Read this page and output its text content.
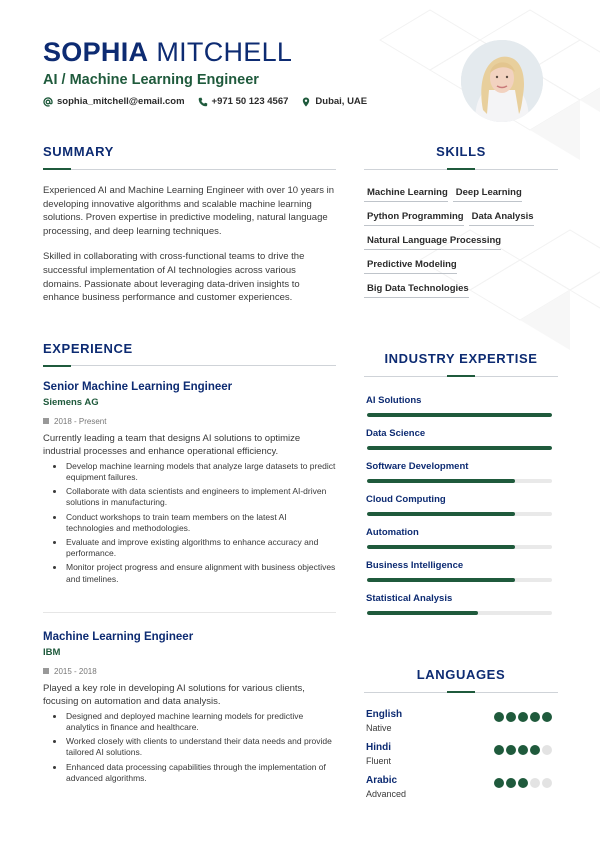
SOPHIA MITCHELL
AI / Machine Learning Engineer
sophia_mitchell@email.com	+971 50 123 4567	Dubai, UAE
SUMMARY

Experienced AI and Machine Learning Engineer with over 10 years in developing innovative algorithms and scalable machine learning solutions. Proven expertise in predictive modeling, natural language processing, and deep learning techniques.

Skilled in collaborating with cross-functional teams to drive the successful implementation of AI technologies across various domains. Passionate about leveraging data-driven insights to enhance business performance and customer experiences.

EXPERIENCE
Senior Machine Learning Engineer
Siemens AG
2018 - Present
Currently leading a team that designs AI solutions to optimize industrial processes and enhance operational efficiency.
• Develop machine learning models that analyze large datasets to predict equipment failures.
• Collaborate with data scientists and engineers to implement AI-driven solutions in manufacturing.
• Conduct workshops to train team members on the latest AI technologies and methodologies.
• Evaluate and improve existing algorithms to enhance accuracy and performance.
• Monitor project progress and ensure alignment with business objectives and timelines.
Machine Learning Engineer
IBM
2015 - 2018
Played a key role in developing AI solutions for various clients, focusing on automation and data analysis.
• Designed and deployed machine learning models for predictive analytics in finance and healthcare.
• Worked closely with clients to understand their data needs and provide tailored AI solutions.
• Enhanced data processing capabilities through the implementation of advanced algorithms.
SKILLS
Machine Learning Deep Learning
Python Programming Data Analysis
Natural Language Processing
Predictive Modeling
Big Data Technologies
INDUSTRY EXPERTISE
AI Solutions
Data Science
Software Development
Cloud Computing
Automation
Business Intelligence
Statistical Analysis
LANGUAGES
English
Native
Hindi
Fluent
Arabic
Advanced
